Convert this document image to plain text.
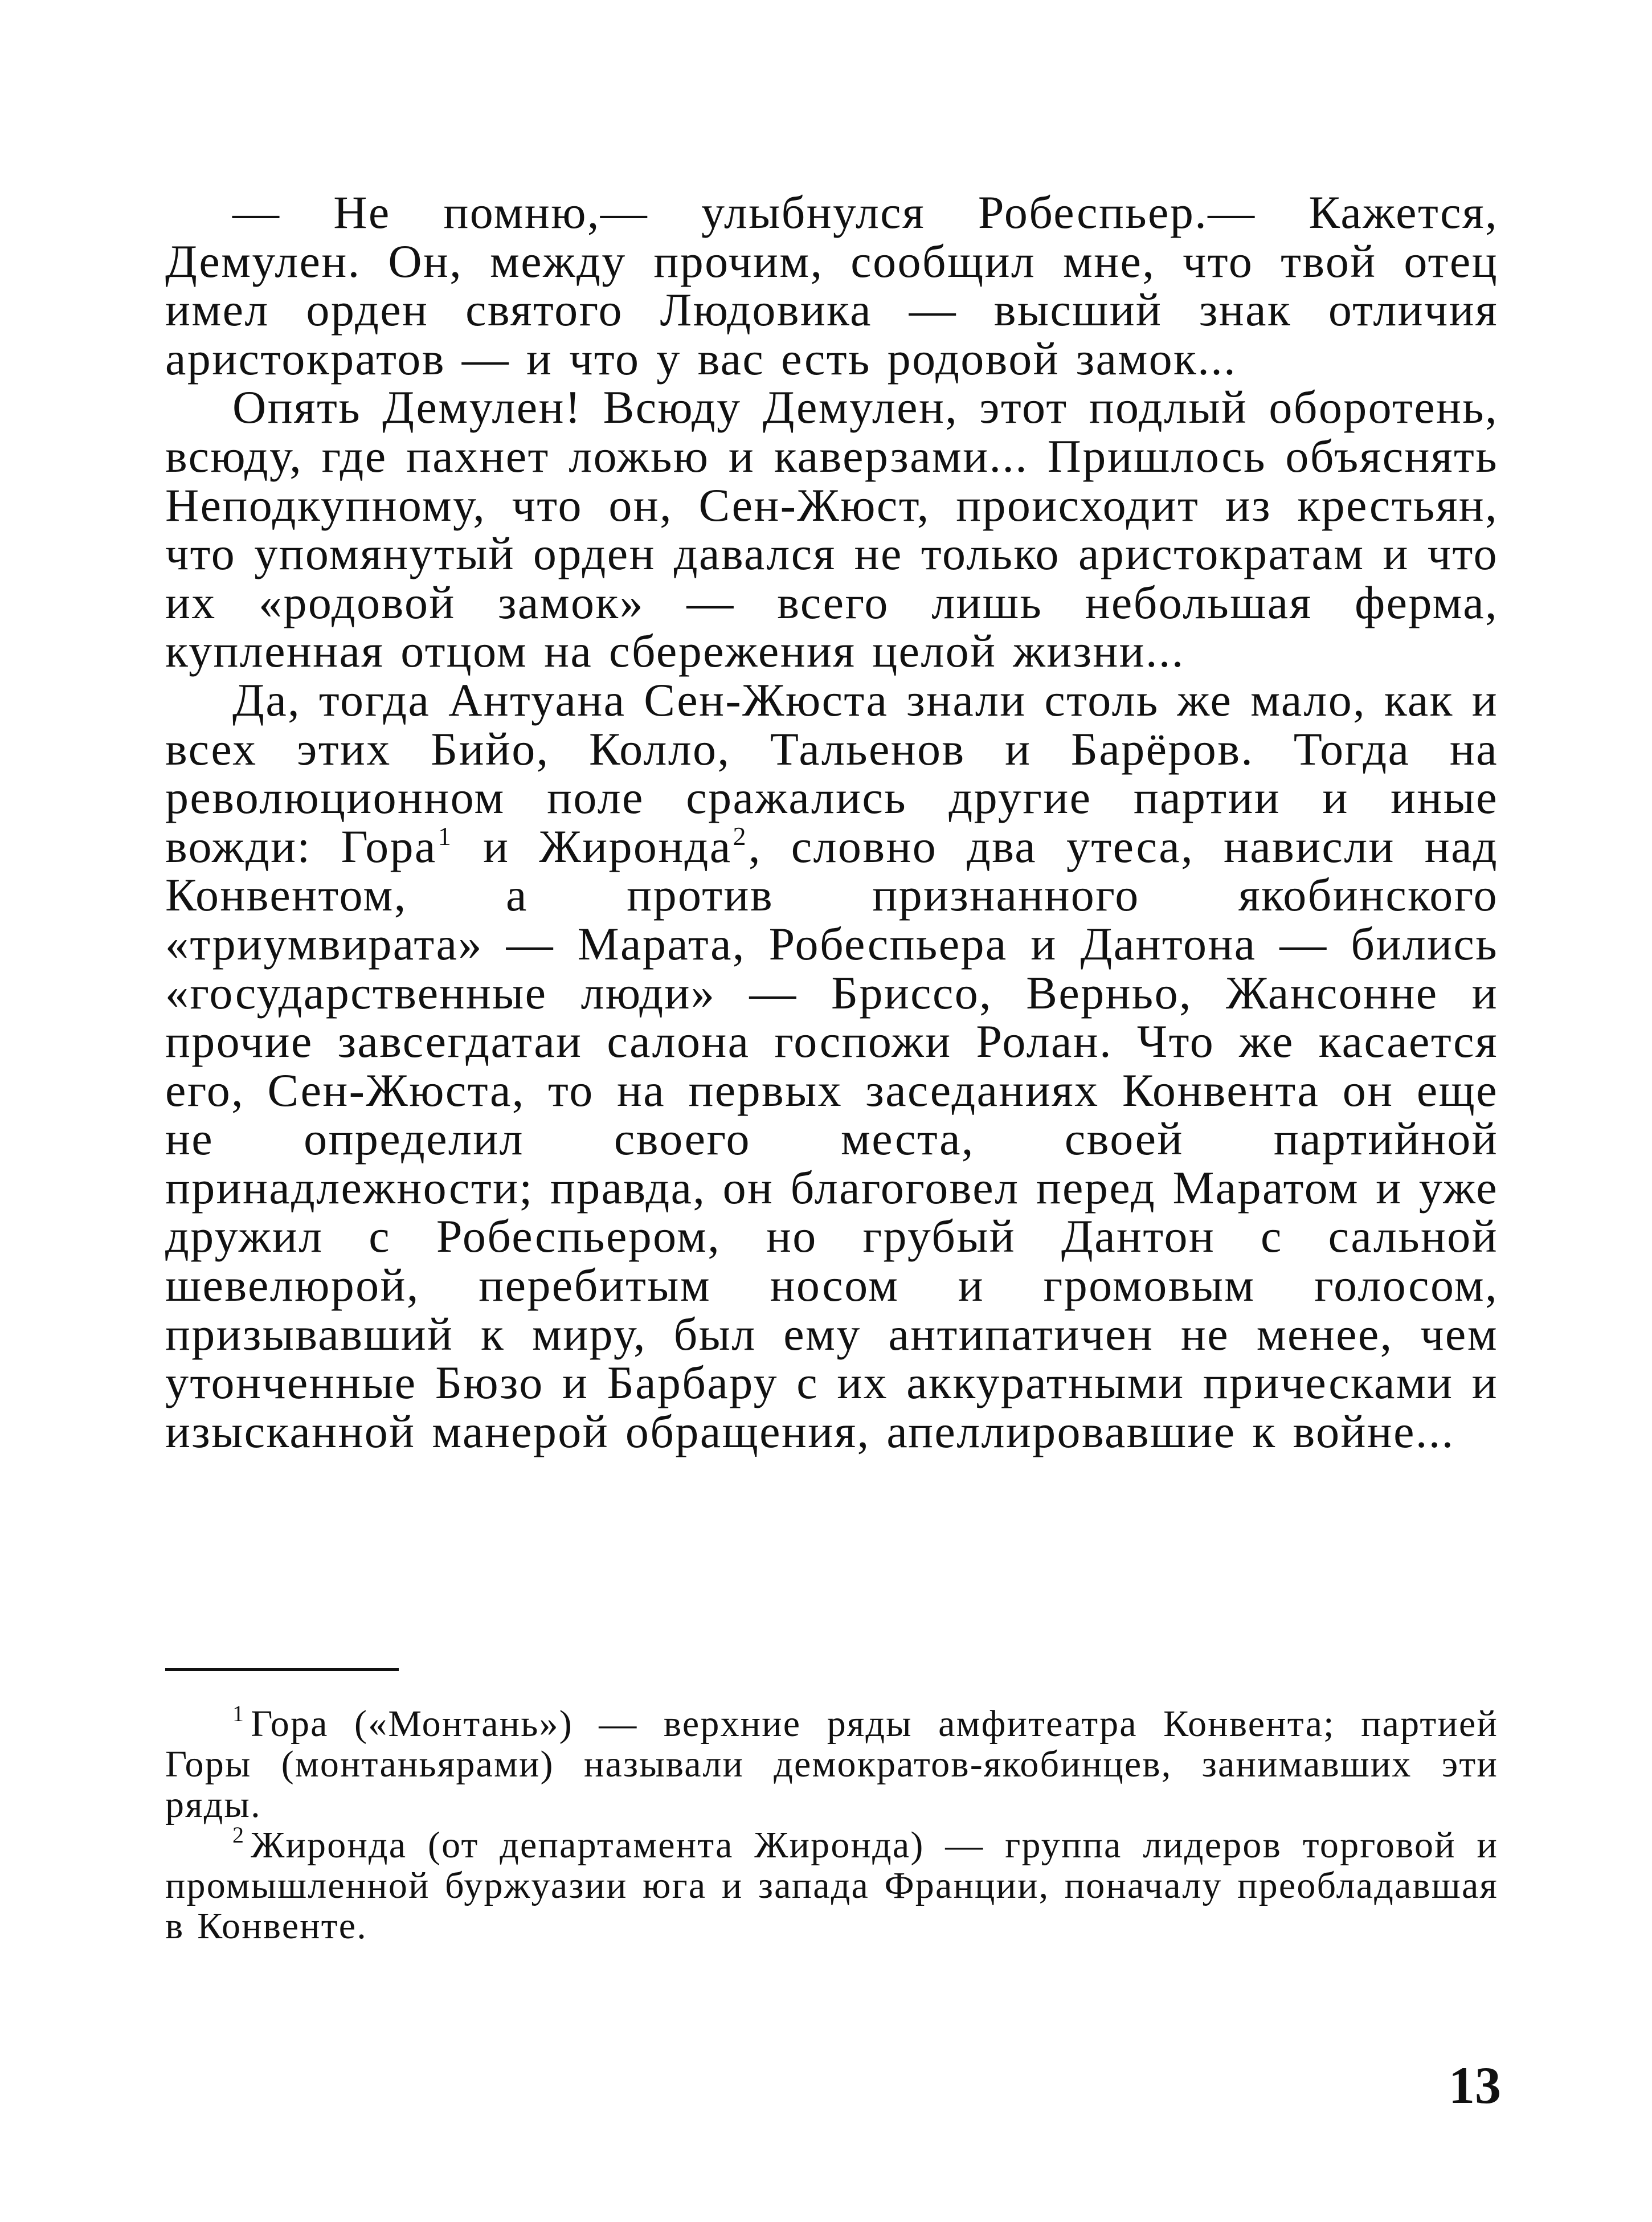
— Не помню,— улыбнулся Робеспьер.— Кажется, Демулен. Он, между прочим, сообщил мне, что твой отец имел орден святого Людовика — высший знак отличия аристократов — и что у вас есть родовой замок...

Опять Демулен! Всюду Демулен, этот подлый оборотень, всюду, где пахнет ложью и каверзами... Пришлось объяснять Неподкупному, что он, Сен-Жюст, происходит из крестьян, что упомянутый орден давался не только аристократам и что их «родовой замок» — всего лишь небольшая ферма, купленная отцом на сбережения целой жизни...

Да, тогда Антуана Сен-Жюста знали столь же мало, как и всех этих Бийо, Колло, Тальенов и Барёров. Тогда на революционном поле сражались другие партии и иные вожди: Гора$^1$ и Жиронда$^2$, словно два утеса, нависли над Конвентом, а против признанного якобинского «триумвирата» — Марата, Робеспьера и Дантона — бились «государственные люди» — Бриссо, Верньо, Жансонне и прочие завсегдатаи салона госпожи Ролан. Что же касается его, Сен-Жюста, то на первых заседаниях Конвента он еще не определил своего места, своей партийной принадлежности; правда, он благоговел перед Маратом и уже дружил с Робеспьером, но грубый Дантон с сальной шевелюрой, перебитым носом и громовым голосом, призывавший к миру, был ему антипатичен не менее, чем утонченные Бюзо и Барбару с их аккуратными прическами и изысканной манерой обращения, апеллировавшие к войне...

$^1$ Гора («Монтань») — верхние ряды амфитеатра Конвента; партией Горы (монтаньярами) называли демократов-якобинцев, занимавших эти ряды.

$^2$ Жиронда (от департамента Жиронда) — группа лидеров торговой и промышленной буржуазии юга и запада Франции, поначалу преобладавшая в Конвенте.

13
